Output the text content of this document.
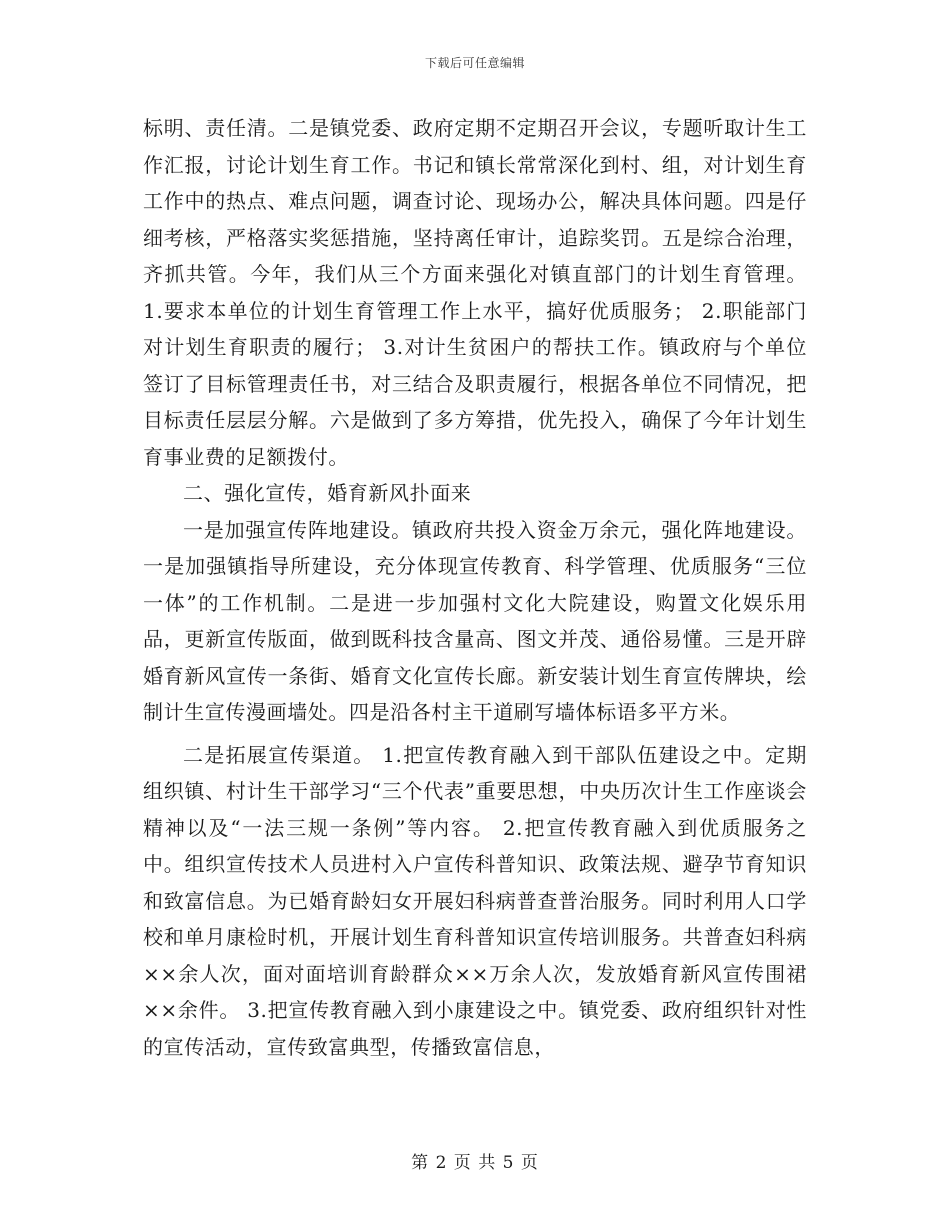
下载后可任意编辑

标明、责任清。二是镇党委、政府定期不定期召开会议，专题听取计生工作汇报，讨论计划生育工作。书记和镇长常常深化到村、组，对计划生育工作中的热点、难点问题，调查讨论、现场办公，解决具体问题。四是仔细考核，严格落实奖惩措施，坚持离任审计，追踪奖罚。五是综合治理，齐抓共管。今年，我们从三个方面来强化对镇直部门的计划生育管理。 1.要求本单位的计划生育管理工作上水平，搞好优质服务； 2.职能部门对计划生育职责的履行； 3.对计生贫困户的帮扶工作。镇政府与个单位签订了目标管理责任书，对三结合及职责履行，根据各单位不同情况，把目标责任层层分解。六是做到了多方筹措，优先投入，确保了今年计划生育事业费的足额拨付。

二、强化宣传，婚育新风扑面来

一是加强宣传阵地建设。镇政府共投入资金万余元，强化阵地建设。一是加强镇指导所建设，充分体现宣传教育、科学管理、优质服务“三位一体”的工作机制。二是进一步加强村文化大院建设，购置文化娱乐用品，更新宣传版面，做到既科技含量高、图文并茂、通俗易懂。三是开辟婚育新风宣传一条街、婚育文化宣传长廊。新安装计划生育宣传牌块，绘制计生宣传漫画墙处。四是沿各村主干道刷写墙体标语多平方米。

二是拓展宣传渠道。 1.把宣传教育融入到干部队伍建设之中。定期组织镇、村计生干部学习“三个代表”重要思想，中央历次计生工作座谈会精神以及“一法三规一条例”等内容。 2.把宣传教育融入到优质服务之中。组织宣传技术人员进村入户宣传科普知识、政策法规、避孕节育知识和致富信息。为已婚育龄妇女开展妇科病普查普治服务。同时利用人口学校和单月康检时机，开展计划生育科普知识宣传培训服务。共普查妇科病××余人次，面对面培训育龄群众××万余人次，发放婚育新风宣传围裙××余件。 3.把宣传教育融入到小康建设之中。镇党委、政府组织针对性的宣传活动，宣传致富典型，传播致富信息，

第 2 页 共 5 页
